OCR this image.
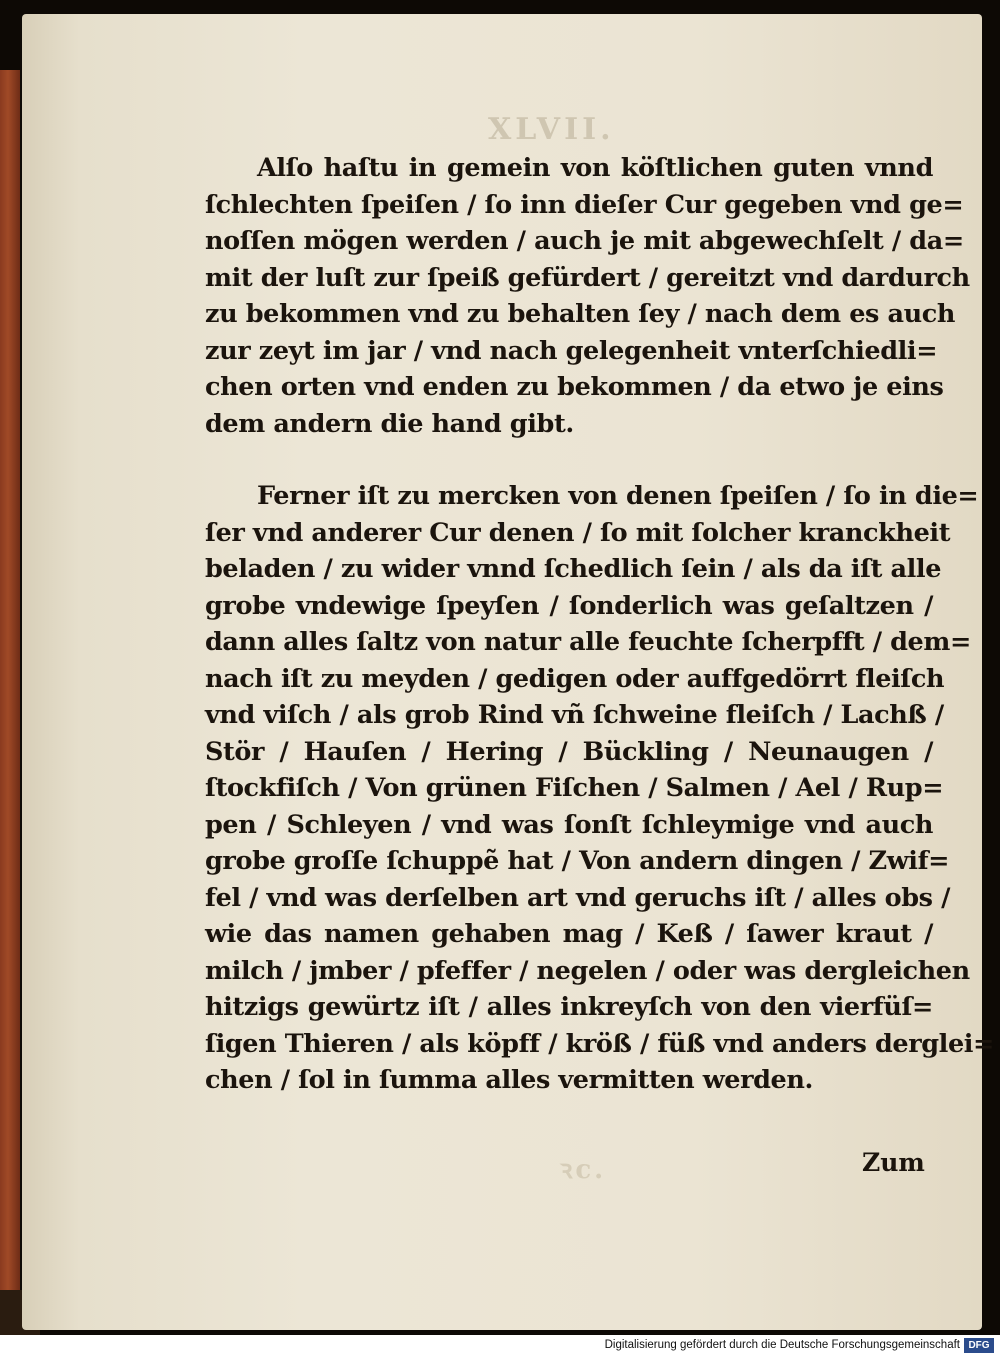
XLVII.
ꝛc.
Alſo haſtu in gemein von köſtlichen guten vnnd
ſchlechten ſpeiſen / ſo inn dieſer Cur gegeben vnd ge=
noſſen mögen werden / auch je mit abgewechſelt / da=
mit der luſt zur ſpeiß gefürdert / gereitzt vnd dardurch
zu bekommen vnd zu behalten ſey / nach dem es auch
zur zeyt im jar / vnd nach gelegenheit vnterſchiedli=
chen orten vnd enden zu bekommen / da etwo je eins
dem andern die hand gibt.
Ferner iſt zu mercken von denen ſpeiſen / ſo in die=
ſer vnd anderer Cur denen / ſo mit ſolcher kranckheit
beladen / zu wider vnnd ſchedlich ſein / als da iſt alle
grobe vndewige ſpeyſen / ſonderlich was geſaltzen /
dann alles ſaltz von natur alle feuchte ſcherpfft / dem=
nach iſt zu meyden / gedigen oder auffgedörrt fleiſch
vnd viſch / als grob Rind vñ ſchweine fleiſch / Lachß /
Stör / Hauſen / Hering / Bückling / Neunaugen /
ſtockfiſch / Von grünen Fiſchen / Salmen / Ael / Rup=
pen / Schleyen / vnd was ſonſt ſchleymige vnd auch
grobe groſſe ſchuppẽ hat / Von andern dingen / Zwif=
fel / vnd was derſelben art vnd geruchs iſt / alles obs /
wie das namen gehaben mag / Keß / ſawer kraut /
milch / jmber / pfeffer / negelen / oder was dergleichen
hitzigs gewürtz iſt / alles inkreyſch von den vierfüſ=
ſigen Thieren / als köpff / kröß / füß vnd anders derglei=
chen / ſol in ſumma alles vermitten werden.
Zum
Digitalisierung gefördert durch die Deutsche Forschungsgemeinschaft DFG
